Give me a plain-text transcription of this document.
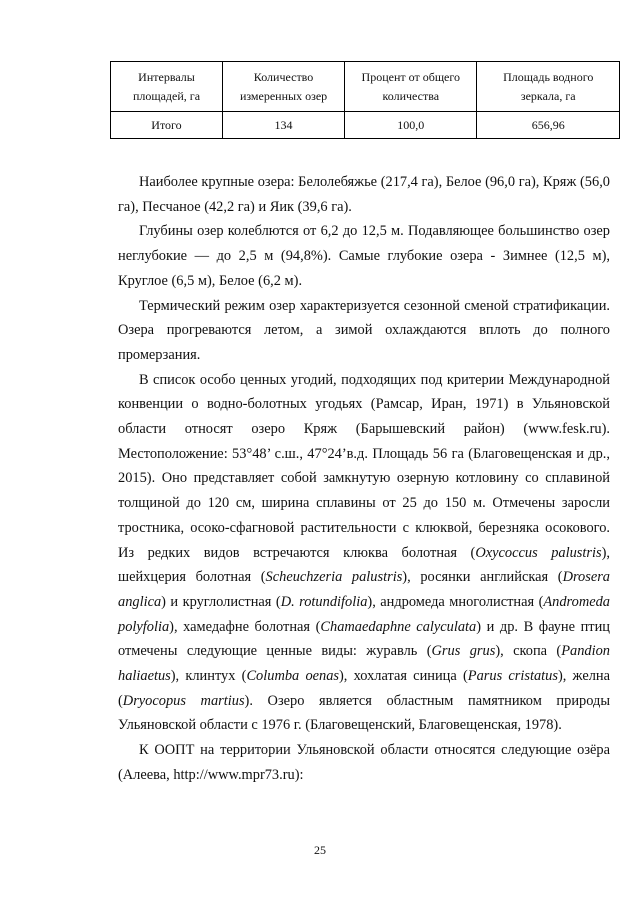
Интервалы площадей, га	Количество измеренных озер	Процент от общего количества	Площадь водного зеркала, га
Итого	134	100,0	656,96

Наиболее крупные озера: Белолебяжье (217,4 га), Белое (96,0 га), Кряж (56,0 га), Песчаное (42,2 га) и Яик (39,6 га).

Глубины озер колеблются от 6,2 до 12,5 м. Подавляющее большинство озер неглубокие — до 2,5 м (94,8%). Самые глубокие озера - Зимнее (12,5 м), Круглое (6,5 м), Белое (6,2 м).

Термический режим озер характеризуется сезонной сменой стратификации. Озера прогреваются летом, а зимой охлаждаются вплоть до полного промерзания.

В список особо ценных угодий, подходящих под критерии Международной конвенции о водно-болотных угодьях (Рамсар, Иран, 1971) в Ульяновской области относят озеро Кряж (Барышевский район) (www.fesk.ru). Местоположение: 53°48’ с.ш., 47°24’в.д. Площадь 56 га (Благовещенская и др., 2015). Оно представляет собой замкнутую озерную котловину со сплавиной толщиной до 120 см, ширина сплавины от 25 до 150 м. Отмечены заросли тростника, осоко-сфагновой растительности с клюквой, березняка осокового. Из редких видов встречаются клюква болотная (Oxycoccus palustris), шейхцерия болотная (Scheuchzeria palustris), росянки английская (Drosera anglica) и круглолистная (D. rotundifolia), андромеда многолистная (Andromeda polyfolia), хамедафне болотная (Chamaedaphne calyculata) и др. В фауне птиц отмечены следующие ценные виды: журавль (Grus grus), скопа (Pandion haliaetus), клинтух (Columba oenas), хохлатая синица (Parus cristatus), желна (Dryocopus martius). Озеро является областным памятником природы Ульяновской области с 1976 г. (Благовещенский, Благовещенская, 1978).

К ООПТ на территории Ульяновской области относятся следующие озёра (Алеева, http://www.mpr73.ru):

25
